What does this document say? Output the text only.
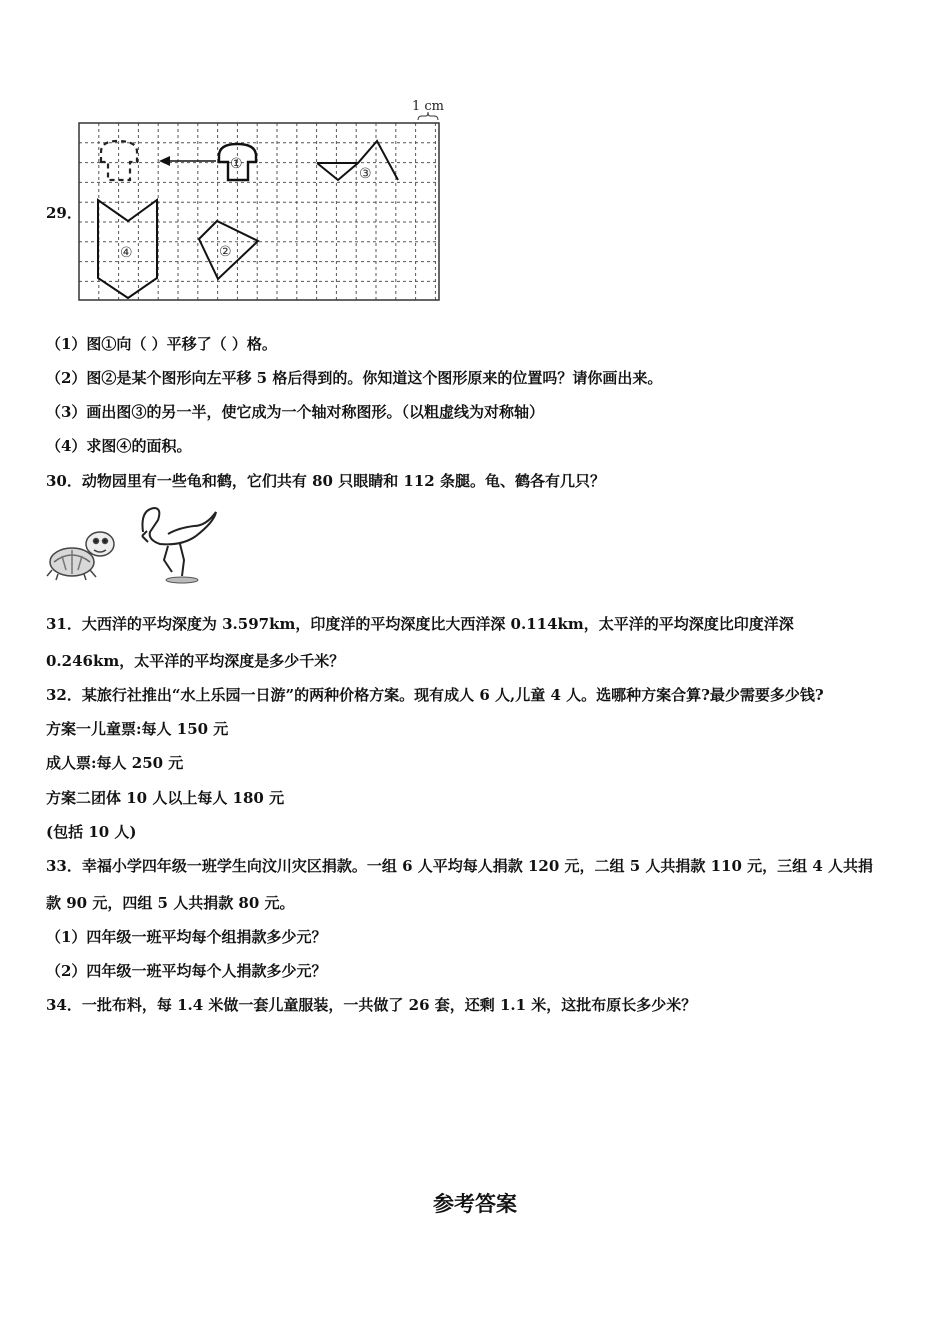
29．
1 cm
①
③
④	②
（1）图①向（ ）平移了（ ）格。
（2）图②是某个图形向左平移 5 格后得到的。你知道这个图形原来的位置吗？请你画出来。
（3）画出图③的另一半，使它成为一个轴对称图形。（以粗虚线为对称轴）
（4）求图④的面积。
30．动物园里有一些龟和鹤，它们共有 80 只眼睛和 112 条腿。龟、鹤各有几只？
31．大西洋的平均深度为 3.597km，印度洋的平均深度比大西洋深 0.114km，太平洋的平均深度比印度洋深
0.246km，太平洋的平均深度是多少千米？
32．某旅行社推出“水上乐园一日游”的两种价格方案。现有成人 6 人,儿童 4 人。选哪种方案合算?最少需要多少钱?
方案一儿童票:每人 150 元
成人票:每人 250 元
方案二团体 10 人以上每人 180 元
(包括 10 人)
33．幸福小学四年级一班学生向汶川灾区捐款。一组 6 人平均每人捐款 120 元，二组 5 人共捐款 110 元，三组 4 人共捐
款 90 元，四组 5 人共捐款 80 元。
（1）四年级一班平均每个组捐款多少元？
（2）四年级一班平均每个人捐款多少元？
34．一批布料，每 1.4 米做一套儿童服装，一共做了 26 套，还剩 1.1 米，这批布原长多少米？
参考答案
